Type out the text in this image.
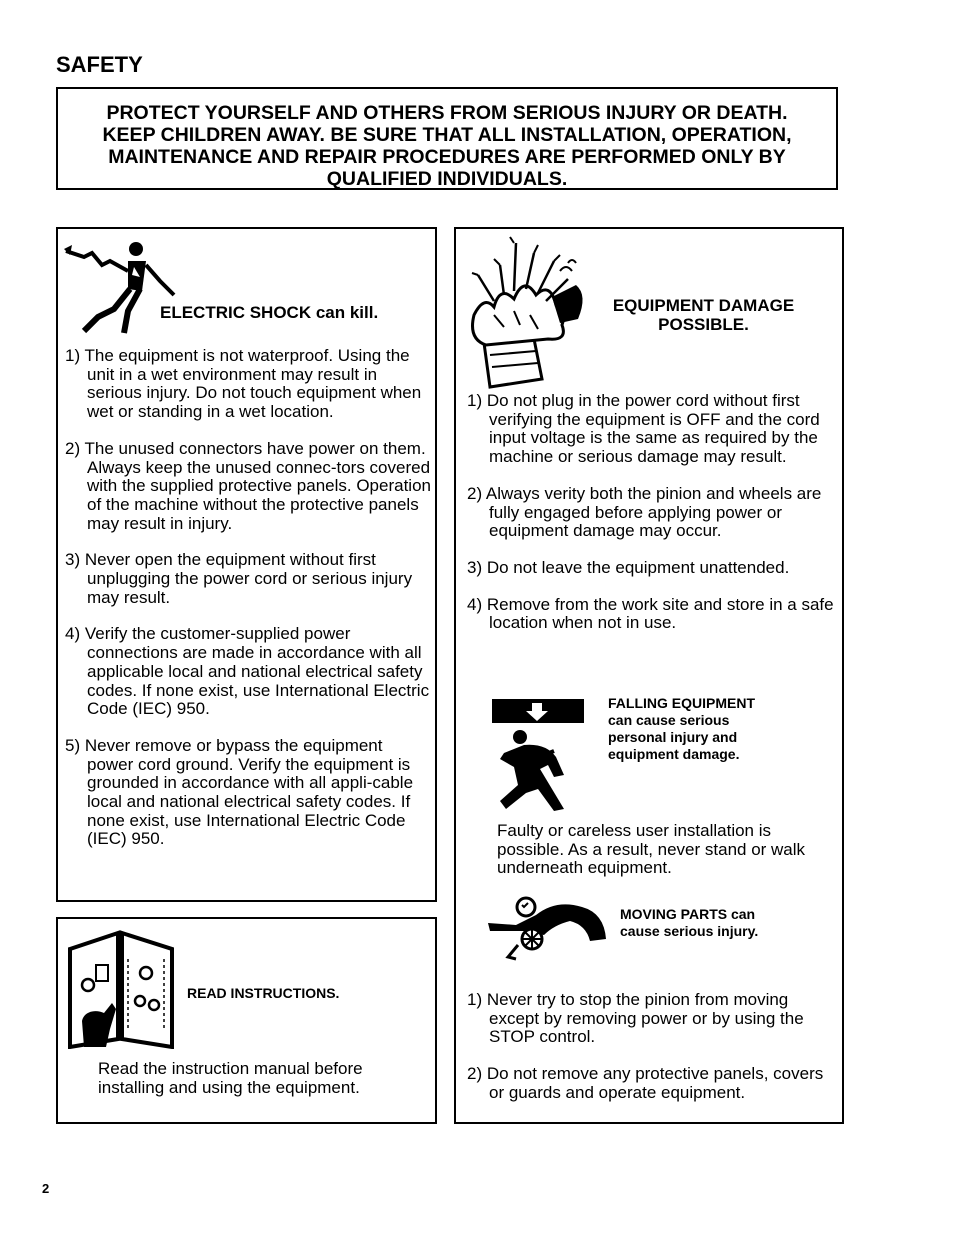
SAFETY
PROTECT YOURSELF AND OTHERS FROM SERIOUS INJURY OR DEATH.
KEEP CHILDREN AWAY. BE SURE THAT ALL INSTALLATION, OPERATION,
MAINTENANCE AND REPAIR PROCEDURES ARE PERFORMED ONLY BY
QUALIFIED INDIVIDUALS.
ELECTRIC SHOCK can kill.
1) The equipment is not waterproof. Using the unit in a wet environment may result in serious injury. Do not touch equipment when wet or standing in a wet location.
2) The unused connectors have power on them. Always keep the unused connec-tors covered with the supplied protective panels. Operation of the machine without the protective panels may result in injury.
3) Never open the equipment without first unplugging the power cord or serious injury may result.
4) Verify the customer-supplied power connections are made in accordance with all applicable local and national electrical safety codes. If none exist, use International Electric Code (IEC) 950.
5) Never remove or bypass the equipment power cord ground. Verify the equipment is grounded in accordance with all appli-cable local and national electrical safety codes. If none exist, use International Electric Code (IEC) 950.
READ INSTRUCTIONS.
Read the instruction manual before installing and using the equipment.
EQUIPMENT DAMAGE
POSSIBLE.
1) Do not plug in the power cord without first verifying the equipment is OFF and the cord input voltage is the same as required by the machine or serious damage may result.
2) Always verity both the pinion and wheels are fully engaged before applying power or equipment damage may occur.
3) Do not leave the equipment unattended.
4) Remove from the work site and store in a safe location when not in use.
FALLING EQUIPMENT
can cause serious
personal injury and
equipment damage.
Faulty or careless user installation is possible. As a result, never stand or walk underneath equipment.
MOVING PARTS can
cause serious injury.
1) Never try to stop the pinion from moving except by removing power or by using the STOP control.
2) Do not remove any protective panels, covers or guards and operate equipment.
2
